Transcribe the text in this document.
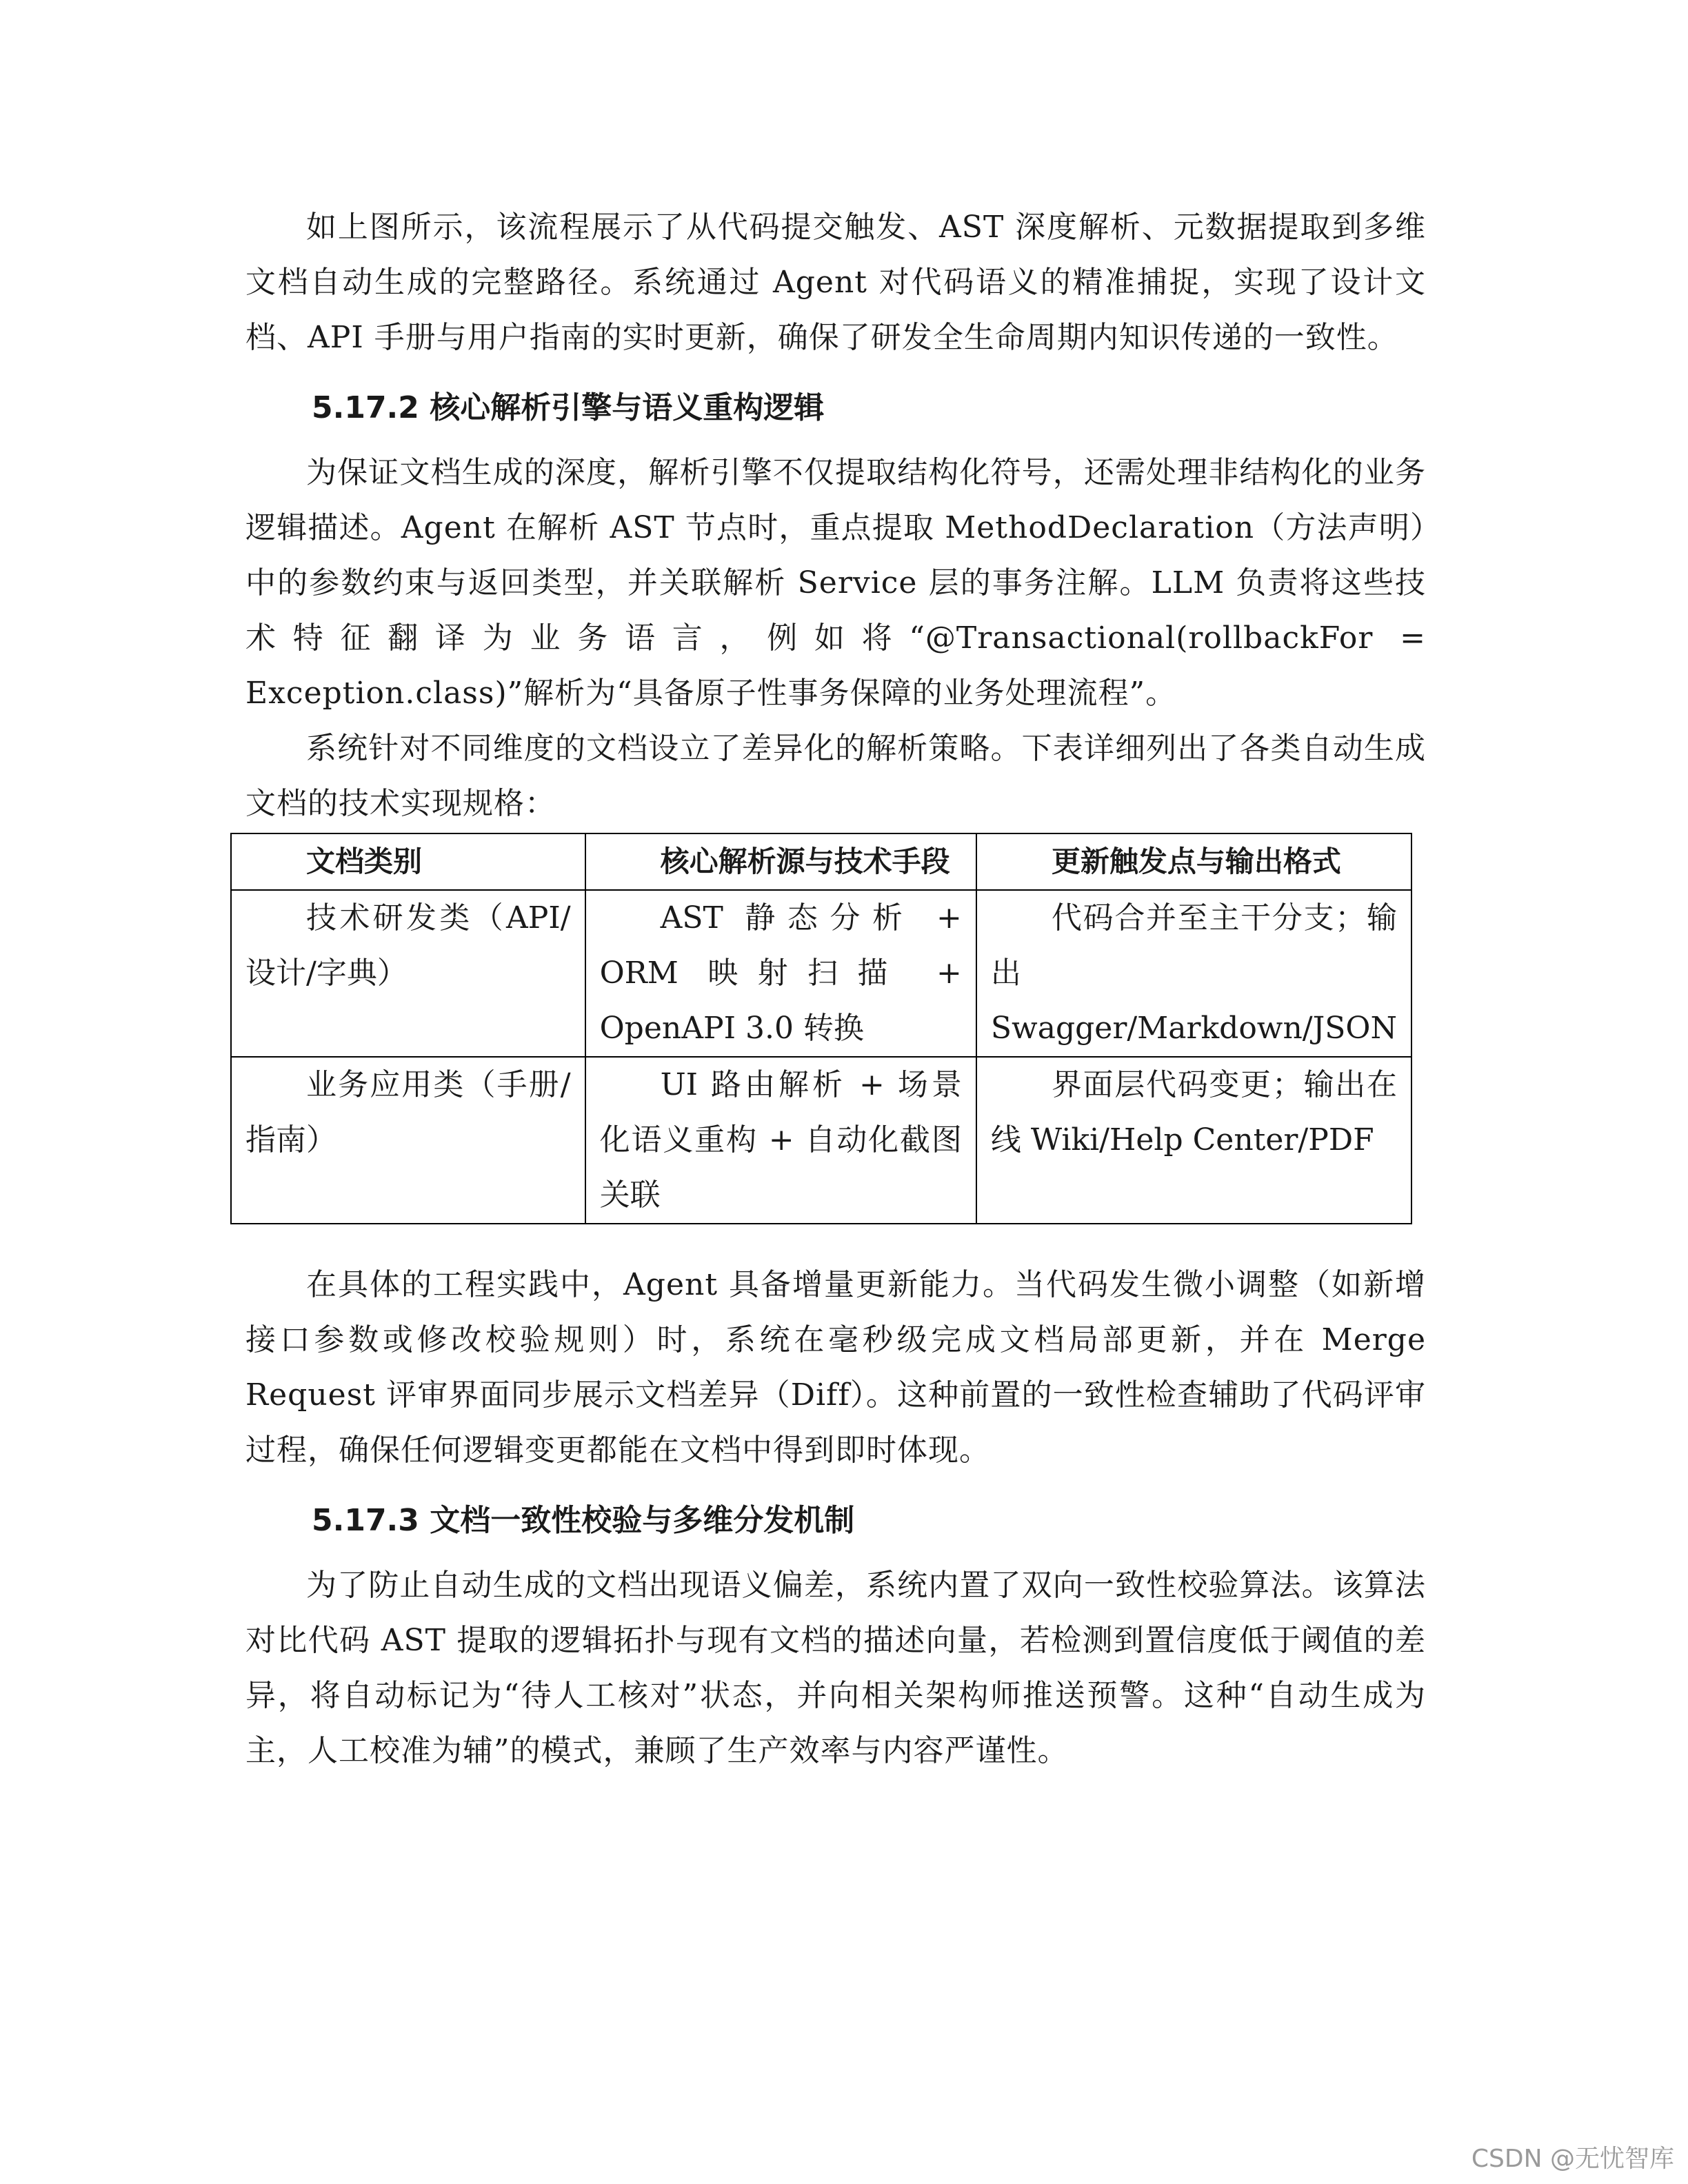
如上图所示，该流程展示了从代码提交触发、AST 深度解析、元数据提取到多维文档自动生成的完整路径。系统通过 Agent 对代码语义的精准捕捉，实现了设计文档、API 手册与用户指南的实时更新，确保了研发全生命周期内知识传递的一致性。

5.17.2 核心解析引擎与语义重构逻辑

为保证文档生成的深度，解析引擎不仅提取结构化符号，还需处理非结构化的业务逻辑描述。Agent 在解析 AST 节点时，重点提取 MethodDeclaration（方法声明）中的参数约束与返回类型，并关联解析 Service 层的事务注解。LLM 负责将这些技术特征翻译为业务语言，例如将“@Transactional(rollbackFor = Exception.class)”解析为“具备原子性事务保障的业务处理流程”。

系统针对不同维度的文档设立了差异化的解析策略。下表详细列出了各类自动生成文档的技术实现规格：

文档类别	核心解析源与技术手段	更新触发点与输出格式
技术研发类（API/设计/字典）	AST 静态分析 + ORM 映射扫描 + OpenAPI 3.0 转换	代码合并至主干分支；输出 Swagger/Markdown/JSON
业务应用类（手册/指南）	UI 路由解析 + 场景化语义重构 + 自动化截图关联	界面层代码变更；输出在线 Wiki/Help Center/PDF

在具体的工程实践中，Agent 具备增量更新能力。当代码发生微小调整（如新增接口参数或修改校验规则）时，系统在毫秒级完成文档局部更新，并在 Merge Request 评审界面同步展示文档差异（Diff）。这种前置的一致性检查辅助了代码评审过程，确保任何逻辑变更都能在文档中得到即时体现。

5.17.3 文档一致性校验与多维分发机制

为了防止自动生成的文档出现语义偏差，系统内置了双向一致性校验算法。该算法对比代码 AST 提取的逻辑拓扑与现有文档的描述向量，若检测到置信度低于阈值的差异，将自动标记为“待人工核对”状态，并向相关架构师推送预警。这种“自动生成为主，人工校准为辅”的模式，兼顾了生产效率与内容严谨性。

CSDN @无忧智库
